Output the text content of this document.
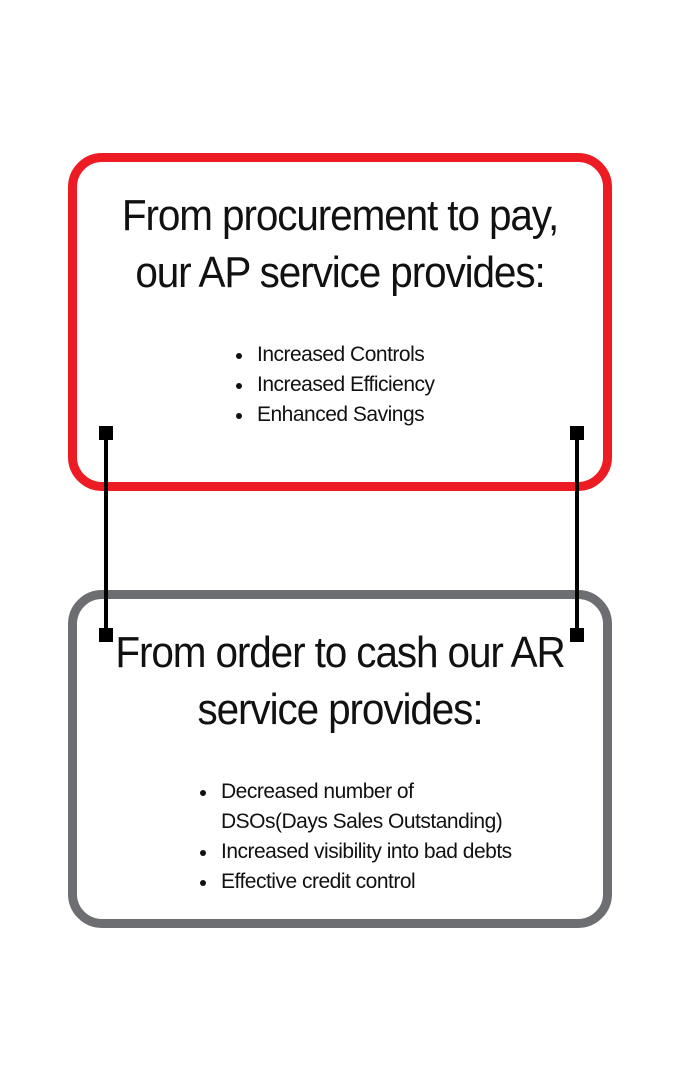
From procurement to pay,
our AP service provides:
Increased Controls
Increased Efficiency
Enhanced Savings
From order to cash our AR
service provides:
Decreased number of
DSOs(Days Sales Outstanding)
Increased visibility into bad debts
Effective credit control
